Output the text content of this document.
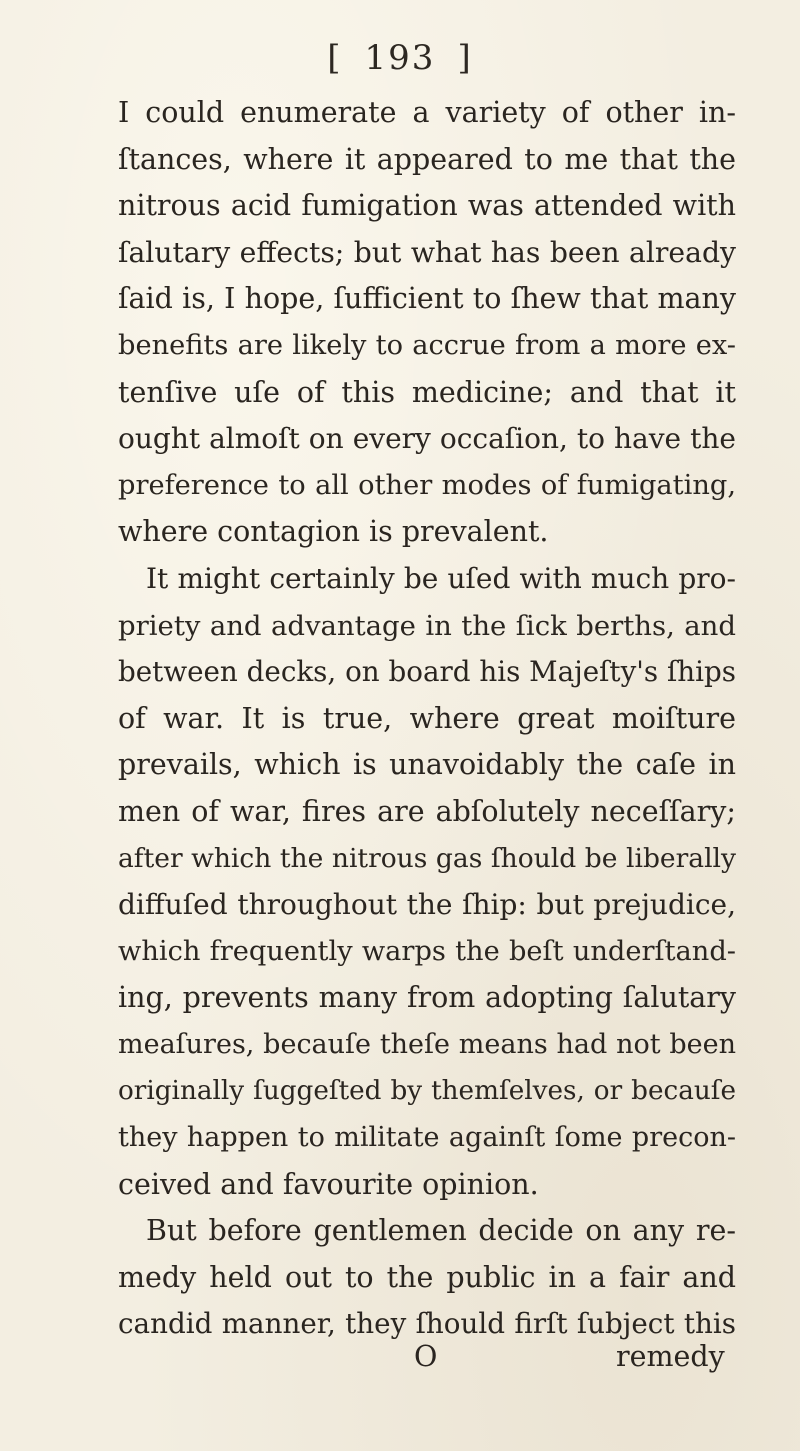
[ 193 ]
I could enumerate a variety of other in-
ſtances, where it appeared to me that the
nitrous acid fumigation was attended with
ſalutary effects; but what has been already
ſaid is, I hope, ſufficient to ſhew that many
benefits are likely to accrue from a more ex-
tenſive uſe of this medicine; and that it
ought almoſt on every occaſion, to have the
preference to all other modes of fumigating,
where contagion is prevalent.
It might certainly be uſed with much pro-
priety and advantage in the ſick berths, and
between decks, on board his Majeſty's ſhips
of war. It is true, where great moiſture
prevails, which is unavoidably the caſe in
men of war, fires are abſolutely neceſſary;
after which the nitrous gas ſhould be liberally
diffuſed throughout the ſhip: but prejudice,
which frequently warps the beſt underſtand-
ing, prevents many from adopting ſalutary
meaſures, becauſe theſe means had not been
originally ſuggeſted by themſelves, or becauſe
they happen to militate againſt ſome precon-
ceived and favourite opinion.
But before gentlemen decide on any re-
medy held out to the public in a fair and
candid manner, they ſhould firſt ſubject this
O	remedy
